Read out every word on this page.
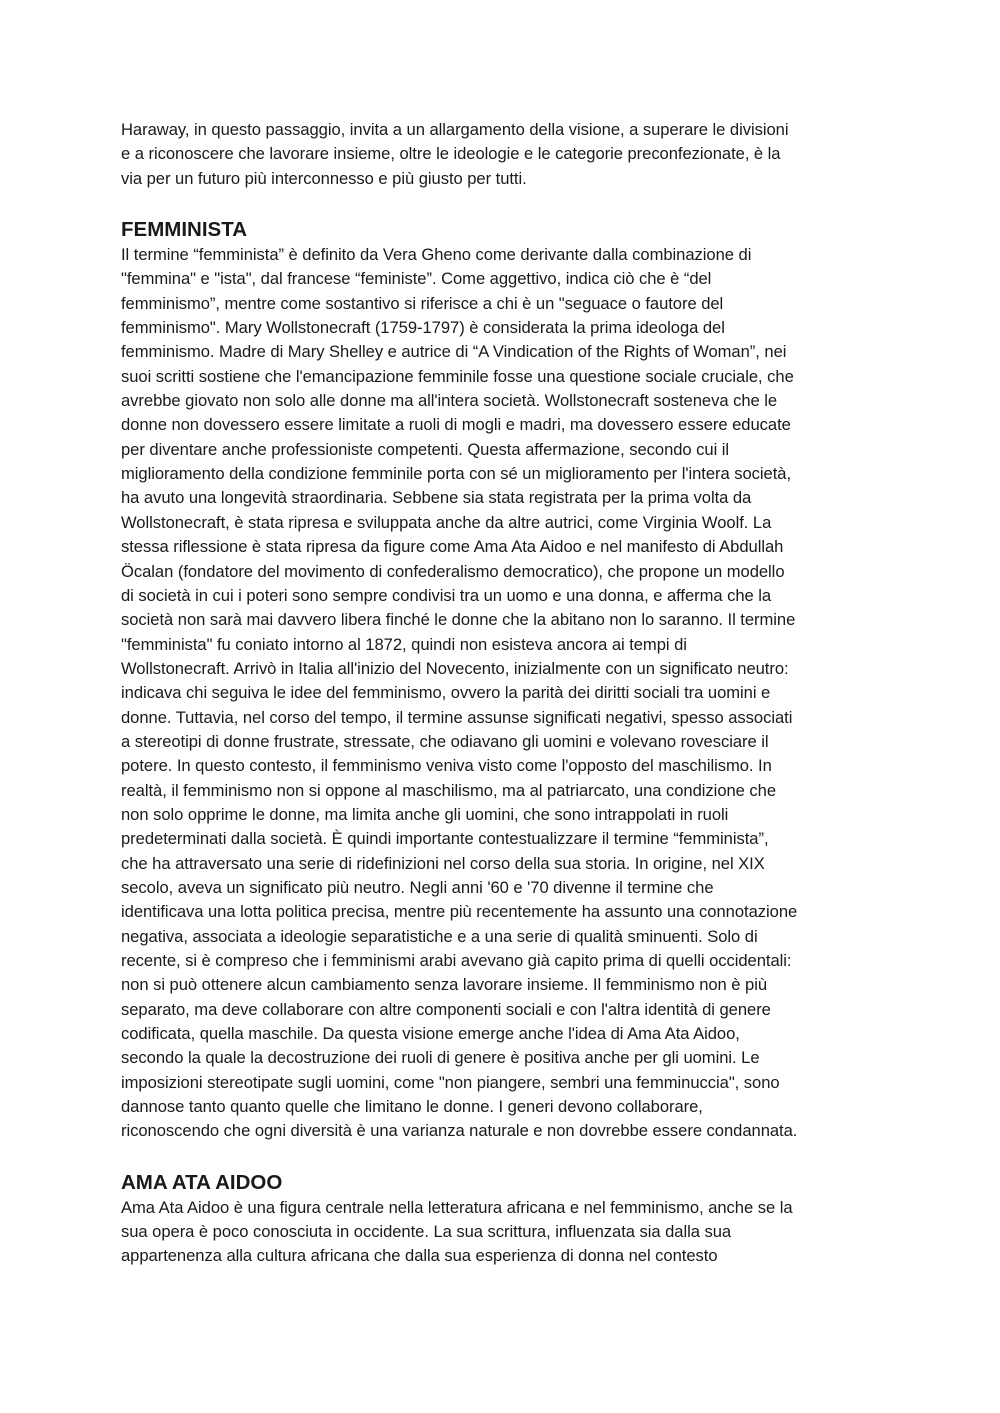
Haraway, in questo passaggio, invita a un allargamento della visione, a superare le divisioni
e a riconoscere che lavorare insieme, oltre le ideologie e le categorie preconfezionate, è la
via per un futuro più interconnesso e più giusto per tutti.

FEMMINISTA

Il termine “femminista” è definito da Vera Gheno come derivante dalla combinazione di
"femmina" e "ista", dal francese “feministe”. Come aggettivo, indica ciò che è “del
femminismo”, mentre come sostantivo si riferisce a chi è un "seguace o fautore del
femminismo". Mary Wollstonecraft (1759-1797) è considerata la prima ideologa del
femminismo. Madre di Mary Shelley e autrice di “A Vindication of the Rights of Woman”, nei
suoi scritti sostiene che l'emancipazione femminile fosse una questione sociale cruciale, che
avrebbe giovato non solo alle donne ma all'intera società. Wollstonecraft sosteneva che le
donne non dovessero essere limitate a ruoli di mogli e madri, ma dovessero essere educate
per diventare anche professioniste competenti. Questa affermazione, secondo cui il
miglioramento della condizione femminile porta con sé un miglioramento per l'intera società,
ha avuto una longevità straordinaria. Sebbene sia stata registrata per la prima volta da
Wollstonecraft, è stata ripresa e sviluppata anche da altre autrici, come Virginia Woolf. La
stessa riflessione è stata ripresa da figure come Ama Ata Aidoo e nel manifesto di Abdullah
Öcalan (fondatore del movimento di confederalismo democratico), che propone un modello
di società in cui i poteri sono sempre condivisi tra un uomo e una donna, e afferma che la
società non sarà mai davvero libera finché le donne che la abitano non lo saranno. Il termine
"femminista" fu coniato intorno al 1872, quindi non esisteva ancora ai tempi di
Wollstonecraft. Arrivò in Italia all'inizio del Novecento, inizialmente con un significato neutro:
indicava chi seguiva le idee del femminismo, ovvero la parità dei diritti sociali tra uomini e
donne. Tuttavia, nel corso del tempo, il termine assunse significati negativi, spesso associati
a stereotipi di donne frustrate, stressate, che odiavano gli uomini e volevano rovesciare il
potere. In questo contesto, il femminismo veniva visto come l'opposto del maschilismo. In
realtà, il femminismo non si oppone al maschilismo, ma al patriarcato, una condizione che
non solo opprime le donne, ma limita anche gli uomini, che sono intrappolati in ruoli
predeterminati dalla società. È quindi importante contestualizzare il termine “femminista”,
che ha attraversato una serie di ridefinizioni nel corso della sua storia. In origine, nel XIX
secolo, aveva un significato più neutro. Negli anni '60 e '70 divenne il termine che
identificava una lotta politica precisa, mentre più recentemente ha assunto una connotazione
negativa, associata a ideologie separatistiche e a una serie di qualità sminuenti. Solo di
recente, si è compreso che i femminismi arabi avevano già capito prima di quelli occidentali:
non si può ottenere alcun cambiamento senza lavorare insieme. Il femminismo non è più
separato, ma deve collaborare con altre componenti sociali e con l'altra identità di genere
codificata, quella maschile. Da questa visione emerge anche l'idea di Ama Ata Aidoo,
secondo la quale la decostruzione dei ruoli di genere è positiva anche per gli uomini. Le
imposizioni stereotipate sugli uomini, come "non piangere, sembri una femminuccia", sono
dannose tanto quanto quelle che limitano le donne. I generi devono collaborare,
riconoscendo che ogni diversità è una varianza naturale e non dovrebbe essere condannata.

AMA ATA AIDOO

Ama Ata Aidoo è una figura centrale nella letteratura africana e nel femminismo, anche se la
sua opera è poco conosciuta in occidente. La sua scrittura, influenzata sia dalla sua
appartenenza alla cultura africana che dalla sua esperienza di donna nel contesto
